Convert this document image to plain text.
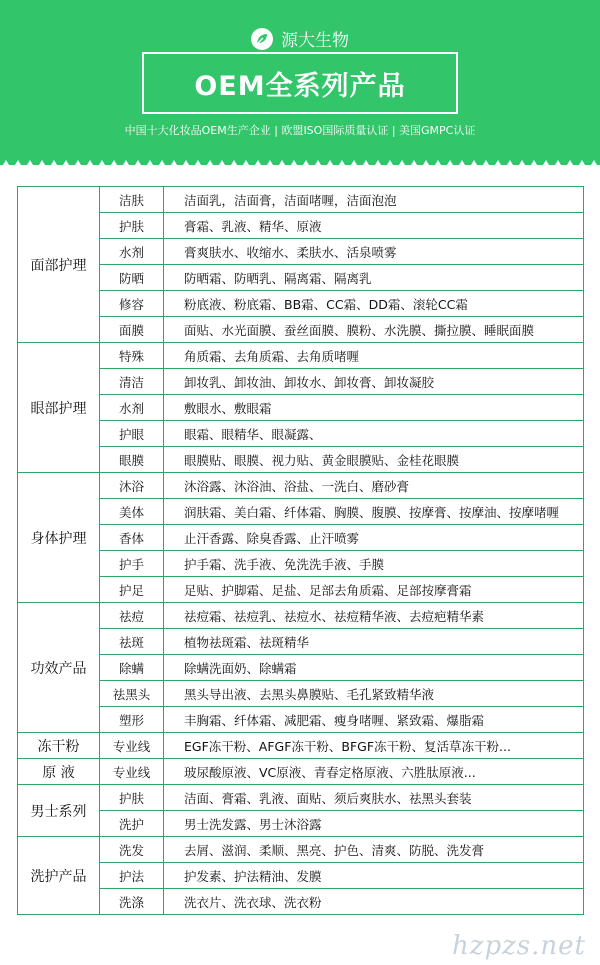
源大生物
OEM全系列产品
中国十大化妆品OEM生产企业 | 欧盟ISO国际质量认证 | 美国GMPC认证
面部护理	洁肤	洁面乳，洁面膏，洁面啫喱，洁面泡泡
	护肤	膏霜、乳液、精华、原液
	水剂	膏爽肤水、收缩水、柔肤水、活泉喷雾
	防晒	防晒霜、防晒乳、隔离霜、隔离乳
	修容	粉底液、粉底霜、BB霜、CC霜、DD霜、滚轮CC霜
	面膜	面贴、水光面膜、蚕丝面膜、膜粉、水洗膜、撕拉膜、睡眠面膜
眼部护理	特殊	角质霜、去角质霜、去角质啫喱
	清洁	卸妆乳、卸妆油、卸妆水、卸妆膏、卸妆凝胶
	水剂	敷眼水、敷眼霜
	护眼	眼霜、眼精华、眼凝露、
	眼膜	眼膜贴、眼膜、视力贴、黄金眼膜贴、金桂花眼膜
身体护理	沐浴	沐浴露、沐浴油、浴盐、一洗白、磨砂膏
	美体	润肤霜、美白霜、纤体霜、胸膜、腹膜、按摩膏、按摩油、按摩啫喱
	香体	止汗香露、除臭香露、止汗喷雾
	护手	护手霜、洗手液、免洗洗手液、手膜
	护足	足贴、护脚霜、足盐、足部去角质霜、足部按摩膏霜
功效产品	祛痘	祛痘霜、祛痘乳、祛痘水、祛痘精华液、去痘疤精华素
	祛斑	植物祛斑霜、祛斑精华
	除螨	除螨洗面奶、除螨霜
	祛黑头	黑头导出液、去黑头鼻膜贴、毛孔紧致精华液
	塑形	丰胸霜、纤体霜、减肥霜、瘦身啫喱、紧致霜、爆脂霜
冻干粉	专业线	EGF冻干粉、AFGF冻干粉、BFGF冻干粉、复活草冻干粉...
原 液	专业线	玻尿酸原液、VC原液、青春定格原液、六胜肽原液...
男士系列	护肤	洁面、膏霜、乳液、面贴、须后爽肤水、祛黑头套装
	洗护	男士洗发露、男士沐浴露
洗护产品	洗发	去屑、滋润、柔顺、黑亮、护色、清爽、防脱、洗发膏
	护法	护发素、护法精油、发膜
	洗涤	洗衣片、洗衣球、洗衣粉
hzpzs.net
